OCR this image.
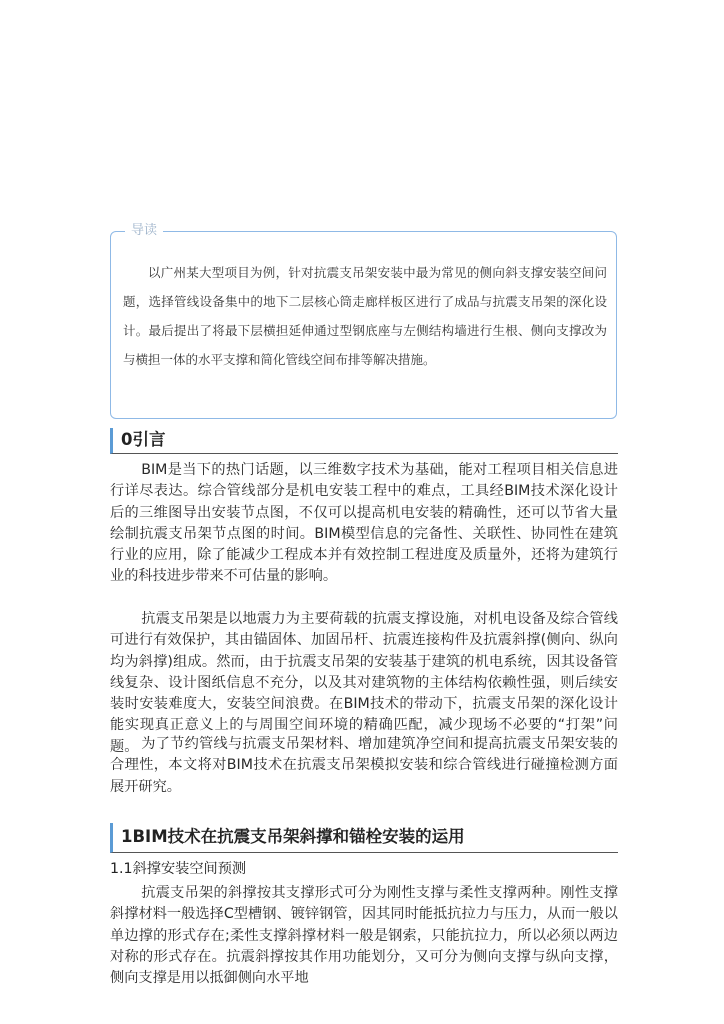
导读

以广州某大型项目为例，针对抗震支吊架安装中最为常见的侧向斜支撑安装空间问题，选择管线设备集中的地下二层核心筒走廊样板区进行了成品与抗震支吊架的深化设计。最后提出了将最下层横担延伸通过型钢底座与左侧结构墙进行生根、侧向支撑改为与横担一体的水平支撑和简化管线空间布排等解决措施。

0引言

BIM是当下的热门话题，以三维数字技术为基础，能对工程项目相关信息进行详尽表达。综合管线部分是机电安装工程中的难点，工具经BIM技术深化设计后的三维图导出安装节点图，不仅可以提高机电安装的精确性，还可以节省大量绘制抗震支吊架节点图的时间。BIM模型信息的完备性、关联性、协同性在建筑行业的应用，除了能减少工程成本并有效控制工程进度及质量外，还将为建筑行业的科技进步带来不可估量的影响。

抗震支吊架是以地震力为主要荷载的抗震支撑设施，对机电设备及综合管线可进行有效保护，其由锚固体、加固吊杆、抗震连接构件及抗震斜撑(侧向、纵向均为斜撑)组成。然而，由于抗震支吊架的安装基于建筑的机电系统，因其设备管线复杂、设计图纸信息不充分，以及其对建筑物的主体结构依赖性强，则后续安装时安装难度大，安装空间浪费。在BIM技术的带动下，抗震支吊架的深化设计能实现真正意义上的与周围空间环境的精确匹配，减少现场不必要的“打架”问题。 为了节约管线与抗震支吊架材料、增加建筑净空间和提高抗震支吊架安装的合理性，本文将对BIM技术在抗震支吊架模拟安装和综合管线进行碰撞检测方面展开研究。

1BIM技术在抗震支吊架斜撑和锚栓安装的运用

1.1斜撑安装空间预测

抗震支吊架的斜撑按其支撑形式可分为刚性支撑与柔性支撑两种。刚性支撑斜撑材料一般选择C型槽钢、镀锌钢管，因其同时能抵抗拉力与压力，从而一般以单边撑的形式存在;柔性支撑斜撑材料一般是钢索，只能抗拉力，所以必须以两边对称的形式存在。抗震斜撑按其作用功能划分，又可分为侧向支撑与纵向支撑，侧向支撑是用以抵御侧向水平地
